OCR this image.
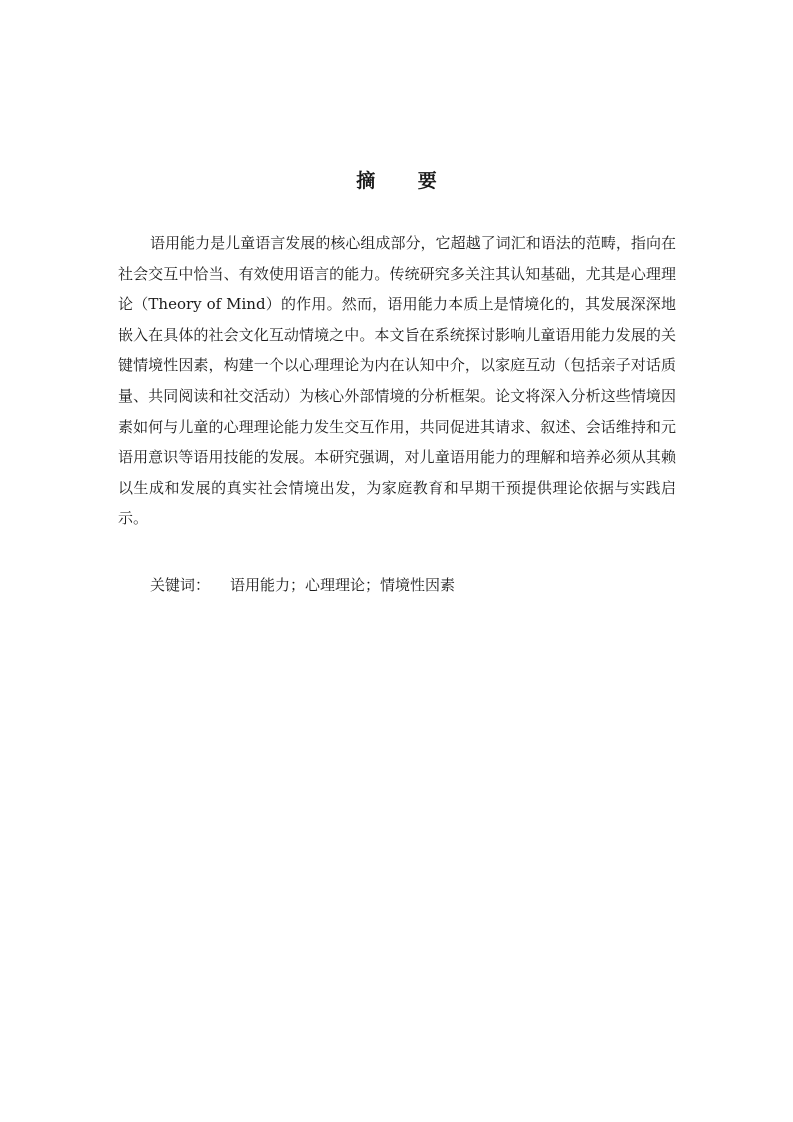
摘 要

语用能力是儿童语言发展的核心组成部分，它超越了词汇和语法的范畴，指向在社会交互中恰当、有效使用语言的能力。传统研究多关注其认知基础，尤其是心理理论（Theory of Mind）的作用。然而，语用能力本质上是情境化的，其发展深深地嵌入在具体的社会文化互动情境之中。本文旨在系统探讨影响儿童语用能力发展的关键情境性因素，构建一个以心理理论为内在认知中介，以家庭互动（包括亲子对话质量、共同阅读和社交活动）为核心外部情境的分析框架。论文将深入分析这些情境因素如何与儿童的心理理论能力发生交互作用，共同促进其请求、叙述、会话维持和元语用意识等语用技能的发展。本研究强调，对儿童语用能力的理解和培养必须从其赖以生成和发展的真实社会情境出发，为家庭教育和早期干预提供理论依据与实践启示。

关键词： 语用能力；心理理论；情境性因素
